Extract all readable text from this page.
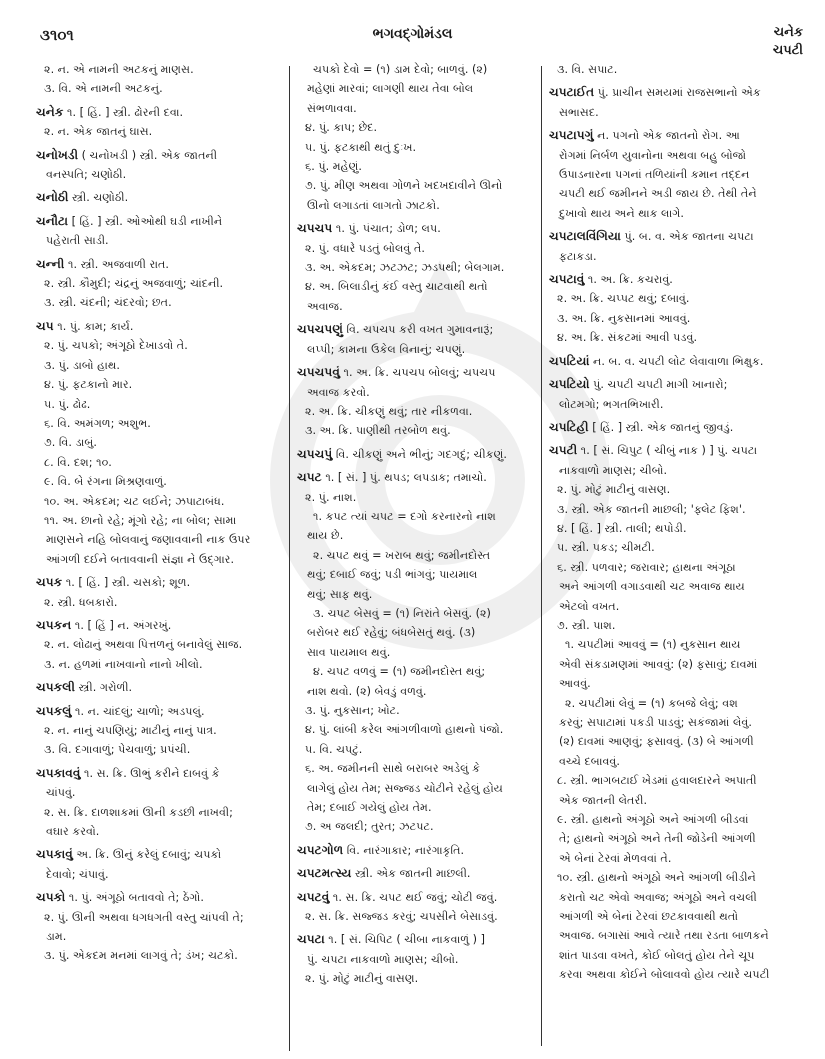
૩૧૦૧	ભગવદ્ગોમંડલ	ચનેક
ચપટી
૨. ન. એ નામની અટકનું માણસ.
૩. વિ. એ નામની અટકનું.
ચનેક ૧. [ હિં. ] સ્ત્રી. ઢોરની દવા.
૨. ન. એક જાતનું ઘાસ.
ચનોખડી ( ચનોખડી ) સ્ત્રી. એક જાતની
વનસ્પતિ; ચણોઠી.
ચનોઠી સ્ત્રી. ચણોઠી.
ચનૌટા [ હિં. ] સ્ત્રી. ઓઓથી ઘડી નાખીને
પહેરાતી સાડી.
ચન્ની ૧. સ્ત્રી. અજવાળી રાત.
૨. સ્ત્રી. કૌમુદી; ચંદ્રનું અજવાળું; ચાંદની.
૩. સ્ત્રી. ચંદની; ચંદરવો; છત.
ચપ ૧. પું. કામ; કાર્ય.
૨. પું. ચપકો; અંગૂઠો દેખાડવો તે.
૩. પું. ડાબો હાથ.
૪. પું. ફટકાનો માર.
૫. પું. ઢોઢ.
૬. વિ. અમંગળ; અશુભ.
૭. વિ. ડાબું.
૮. વિ. દશ; ૧૦.
૯. વિ. બે રંગના મિશ્રણવાળું.
૧૦. અ. એકદમ; ચટ લઈને; ઝપાટાબંધ.
૧૧. અ. છાનો રહે; મૂંગો રહે; ના બોલ; સામા
માણસને નહિ બોલવાનું જણાવવાની નાક ઉપર
આંગળી દઈને બતાવવાની સંજ્ઞા ને ઉદ્ગાર.
ચપક ૧. [ હિં. ] સ્ત્રી. ચસકો; શૂળ.
૨. સ્ત્રી. ધબકારો.
ચપકન ૧. [ હિં ] ન. અંગરખું.
૨. ન. લોઢાનું અથવા પિત્તળનું બનાવેલું સાજ.
૩. ન. હળમાં નાખવાનો નાનો ખીલો.
ચપકલી સ્ત્રી. ગરોળી.
ચપકલું ૧. ન. ચાંદલું; ચાળો; અડપલું.
૨. ન. નાનું ચપણિયું; માટીનું નાનું પાત્ર.
૩. વિ. દગાવાળું; પેચવાળું; પ્રપંચી.
ચપકાવવું ૧. સ. ક્રિ. ઊભું કરીને દાબવું કે
ચાંપવું.
૨. સ. ક્રિ. દાળશાકમાં ઊની કડછી નાખવી;
વઘાર કરવો.
ચપકાવું અ. ક્રિ. ઊનું કરેલું દબાવું; ચપકો
દેવાવો; ચંપાવું.
ચપકો ૧. પું. અંગૂઠો બતાવવો તે; ઠેંગો.
૨. પું. ઊની અથવા ધગધગતી વસ્તુ ચાંપવી તે;
ડામ.
૩. પું. એકદમ મનમાં લાગવું તે; ડંખ; ચટકો.
ચપકો દેવો = (૧) ડામ દેવો; બાળવું. (૨)
મહેણાં મારવાં; લાગણી થાય તેવા બોલ
સંભળાવવા.
૪. પું. કાપ; છેદ.
૫. પું. ફટકાથી થતું દુઃખ.
૬. પું. મહેણું.
૭. પું. મીણ અથવા ગોળને ખદખદાવીને ઊનો
ઊનો લગાડતાં લાગતો ઝાટકો.
ચપચપ ૧. પું. પંચાત; ડોળ; લપ.
૨. પું. વધારે પડતું બોલવું તે.
૩. અ. એકદમ; ઝટઝટ; ઝડપથી; બેલગામ.
૪. અ. બિલાડીનું કંઈ વસ્તુ ચાટવાથી થતો
અવાજ.
ચપચપણું વિ. ચપચપ કરી વખત ગુમાવનારૂં;
લપ્પી; કામના ઉકેલ વિનાનું; ચપણું.
ચપચપવું ૧. અ. ક્રિ. ચપચપ બોલવું; ચપચપ
અવાજ કરવો.
૨. અ. ક્રિ. ચીકણું થવું; તાર નીકળવા.
૩. અ. ક્રિ. પાણીથી તરબોળ થવું.
ચપચપું વિ. ચીકણું અને ભીનું; ગદગદું; ચીકણું.
ચપટ ૧. [ સં. ] પું. થપડ; લપડાક; તમાચો.
૨. પું. નાશ.
૧. કપટ ત્યાં ચપટ = દગો કરનારનો નાશ
થાય છે.
૨. ચપટ થવું = ખરાબ થવું; જમીનદોસ્ત
થવું; દબાઈ જવું; પડી ભાંગવું; પાયમાલ
થવું; સાફ થવું.
૩. ચપટ બેસવું = (૧) નિરાંતે બેસવું. (૨)
બરોબર થઈ રહેવું; બંધબેસતું થવું. (૩)
સાવ પાયમાલ થવું.
૪. ચપટ વળવું = (૧) જમીનદોસ્ત થવું;
નાશ થવો. (૨) બેવડું વળવું.
૩. પું. નુકસાન; ખોટ.
૪. પું. લાંબી કરેલ આંગળીવાળો હાથનો પંજો.
૫. વિ. ચપટું.
૬. અ. જમીનની સાથે બરાબર અડેલું કે
લાગેલું હોય તેમ; સજ્જડ ચોટીને રહેલું હોય
તેમ; દબાઈ ગયેલું હોય તેમ.
૭. અ જલદી; તુરત; ઝટપટ.
ચપટગોળ વિ. નારંગાકાર; નારંગાકૃતિ.
ચપટમત્સ્ય સ્ત્રી. એક જાતની માછલી.
ચપટવું ૧. સ. ક્રિ. ચપટ થઈ જવું; ચોટી જવું.
૨. સ. ક્રિ. સજ્જડ કરવું; ચપસીને બેસાડવું.
ચપટા ૧. [ સં. ચિપિટ ( ચીબા નાકવાળું ) ]
પું. ચપટા નાકવાળો માણસ; ચીબો.
૨. પું. મોટું માટીનું વાસણ.
૩. વિ. સપાટ.
ચપટાઈત પું. પ્રાચીન સમયમાં રાજસભાનો એક
સભાસદ.
ચપટાપગું ન. પગનો એક જાતનો રોગ. આ
રોગમાં નિર્બળ યુવાનોના અથવા બહુ બોજો
ઉપાડનારના પગનાં તળિયાંની કમાન તદ્દન
ચપટી થઈ જમીનને અડી જાય છે. તેથી તેને
દુખાવો થાય અને થાક લાગે.
ચપટાલવિંગિયા પું. બ. વ. એક જાતના ચપટા
ફટાકડા.
ચપટાવું ૧. અ. ક્રિ. કચરાવું.
૨. અ. ક્રિ. ચપ્પટ થવું; દબાવું.
૩. અ. ક્રિ. નુકસાનમાં આવવું.
૪. અ. ક્રિ. સંકટમાં આવી પડવું.
ચપટિયાં ન. બ. વ. ચપટી લોટ લેવાવાળા ભિક્ષુક.
ચપટિયો પું. ચપટી ચપટી માગી ખાનારો;
લોટમગો; ભગતભિખારી.
ચપટિહી [ હિં. ] સ્ત્રી. એક જાતનું જીવડું.
ચપટી ૧. [ સં. ચિપુટ ( ચીબું નાક ) ] પું. ચપટા
નાકવાળો માણસ; ચીબો.
૨. પું. મોટું માટીનું વાસણ.
૩. સ્ત્રી. એક જાતની માછલી; 'ફ્લેટ ફિશ'.
૪. [ હિં. ] સ્ત્રી. તાલી; થપોડી.
૫. સ્ત્રી. પકડ; ચીમટી.
૬. સ્ત્રી. પળવાર; જરાવાર; હાથના અંગૂઠા
અને આંગળી વગાડવાથી ચટ અવાજ થાય
એટલો વખત.
૭. સ્ત્રી. પાશ.
૧. ચપટીમાં આવવું = (૧) નુકસાન થાય
એવી સંકડામણમાં આવવું: (૨) ફસાવું; દાવમાં
આવવું.
૨. ચપટીમાં લેવું = (૧) કબજે લેવું; વશ
કરવું; સપાટામાં પકડી પાડવું; સકંજામાં લેવું.
(૨) દાવમાં આણવું; ફસાવવું. (૩) બે આંગળી
વચ્ચે દબાવવું.
૮. સ્ત્રી. ભાગબટાઈ ખેડમાં હવાલદારને અપાતી
એક જાતની લેતરી.
૯. સ્ત્રી. હાથનો અંગૂઠો અને આંગળી બીડવાં
તે; હાથનો અંગૂઠો અને તેની જોડેની આંગળી
એ બેનાં ટેરવાં મેળવવાં તે.
૧૦. સ્ત્રી. હાથનો અંગૂઠો અને આંગળી બીડીને
કરાતો ચટ એવો અવાજ; અંગૂઠો અને વચલી
આંગળી એ બેનાં ટેરવાં છટકાવવાથી થતો
અવાજ. બગાસાં આવે ત્યારે તથા રડતા બાળકને
શાંત પાડવા વખતે, કોઈ બોલતું હોય તેને ચૂપ
કરવા અથવા કોઈને બોલાવવો હોય ત્યારે ચપટી
